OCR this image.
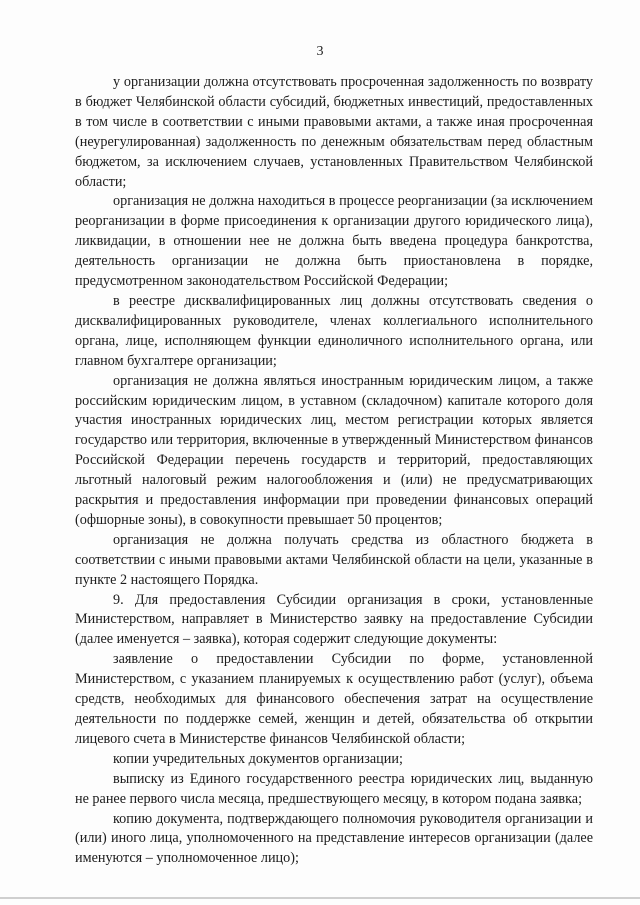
3

у организации должна отсутствовать просроченная задолженность по возврату в бюджет Челябинской области субсидий, бюджетных инвестиций, предоставленных в том числе в соответствии с иными правовыми актами, а также иная просроченная (неурегулированная) задолженность по денежным обязательствам перед областным бюджетом, за исключением случаев, установленных Правительством Челябинской области;

организация не должна находиться в процессе реорганизации (за исключением реорганизации в форме присоединения к организации другого юридического лица), ликвидации, в отношении нее не должна быть введена процедура банкротства, деятельность организации не должна быть приостановлена в порядке, предусмотренном законодательством Российской Федерации;

в реестре дисквалифицированных лиц должны отсутствовать сведения о дисквалифицированных руководителе, членах коллегиального исполнительного органа, лице, исполняющем функции единоличного исполнительного органа, или главном бухгалтере организации;

организация не должна являться иностранным юридическим лицом, а также российским юридическим лицом, в уставном (складочном) капитале которого доля участия иностранных юридических лиц, местом регистрации которых является государство или территория, включенные в утвержденный Министерством финансов Российской Федерации перечень государств и территорий, предоставляющих льготный налоговый режим налогообложения и (или) не предусматривающих раскрытия и предоставления информации при проведении финансовых операций (офшорные зоны), в совокупности превышает 50 процентов;

организация не должна получать средства из областного бюджета в соответствии с иными правовыми актами Челябинской области на цели, указанные в пункте 2 настоящего Порядка.

9. Для предоставления Субсидии организация в сроки, установленные Министерством, направляет в Министерство заявку на предоставление Субсидии (далее именуется – заявка), которая содержит следующие документы:

заявление о предоставлении Субсидии по форме, установленной Министерством, с указанием планируемых к осуществлению работ (услуг), объема средств, необходимых для финансового обеспечения затрат на осуществление деятельности по поддержке семей, женщин и детей, обязательства об открытии лицевого счета в Министерстве финансов Челябинской области;

копии учредительных документов организации;

выписку из Единого государственного реестра юридических лиц, выданную не ранее первого числа месяца, предшествующего месяцу, в котором подана заявка;

копию документа, подтверждающего полномочия руководителя организации и (или) иного лица, уполномоченного на представление интересов организации (далее именуются – уполномоченное лицо);
